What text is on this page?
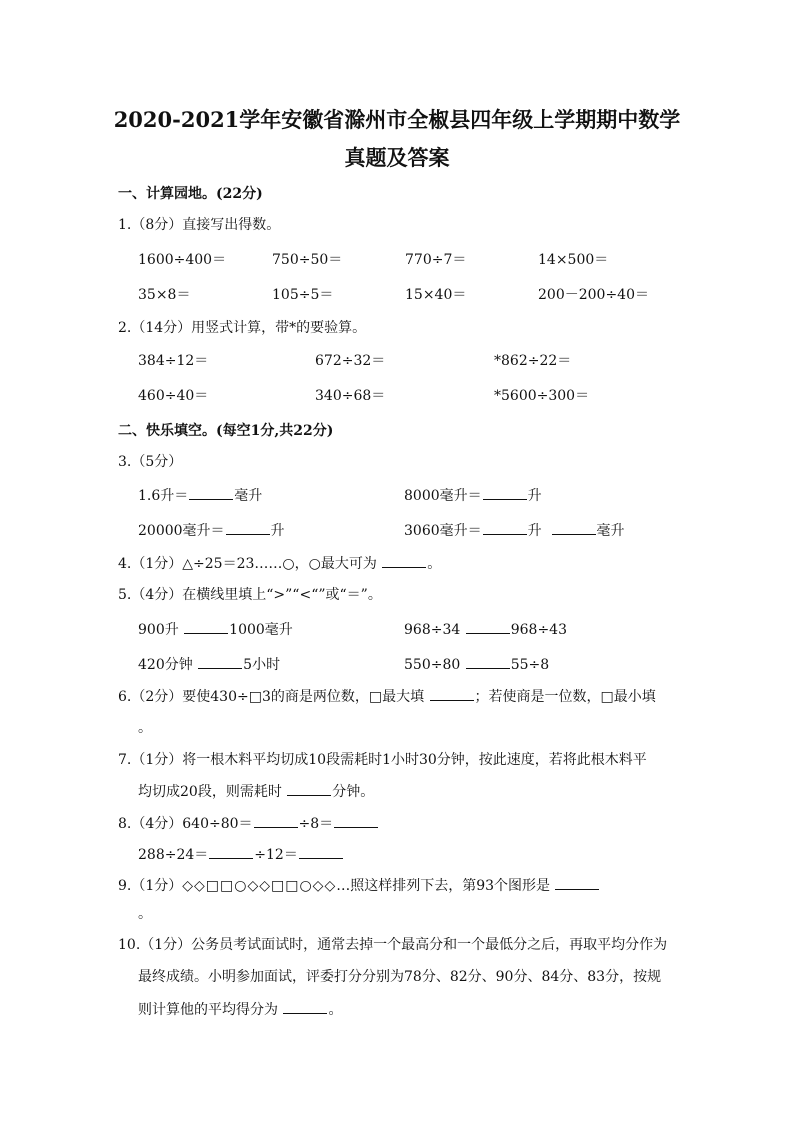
2020-2021学年安徽省滁州市全椒县四年级上学期期中数学
真题及答案
一、计算园地。(22分)
1.（8分）直接写出得数。
1600÷400＝	750÷50＝	770÷7＝	14×500＝
35×8＝	105÷5＝	15×40＝	200－200÷40＝
2.（14分）用竖式计算，带*的要验算。
384÷12＝	672÷32＝	*862÷22＝
460÷40＝	340÷68＝	*5600÷300＝
二、快乐填空。(每空1分,共22分)
3.（5分）
1.6升＝	毫升	8000毫升＝	升
20000毫升＝	升	3060毫升＝	升	毫升
4.（1分）△÷25＝23……○，○最大可为	。
5.（4分）在横线里填上“>”“<“”或“＝”。
900升	1000毫升	968÷34	968÷43
420分钟	5小时	550÷80	55÷8
6.（2分）要使430÷□3的商是两位数，□最大填	；若使商是一位数，□最小填
。
7.（1分）将一根木料平均切成10段需耗时1小时30分钟，按此速度，若将此根木料平
均切成20段，则需耗时	分钟。
8.（4分）640÷80＝	÷8＝
288÷24＝	÷12＝
9.（1分）◇◇□□○◇◇□□○◇◇…照这样排列下去，第93个图形是
。
10.（1分）公务员考试面试时，通常去掉一个最高分和一个最低分之后，再取平均分作为
最终成绩。小明参加面试，评委打分分别为78分、82分、90分、84分、83分，按规
则计算他的平均得分为	。
